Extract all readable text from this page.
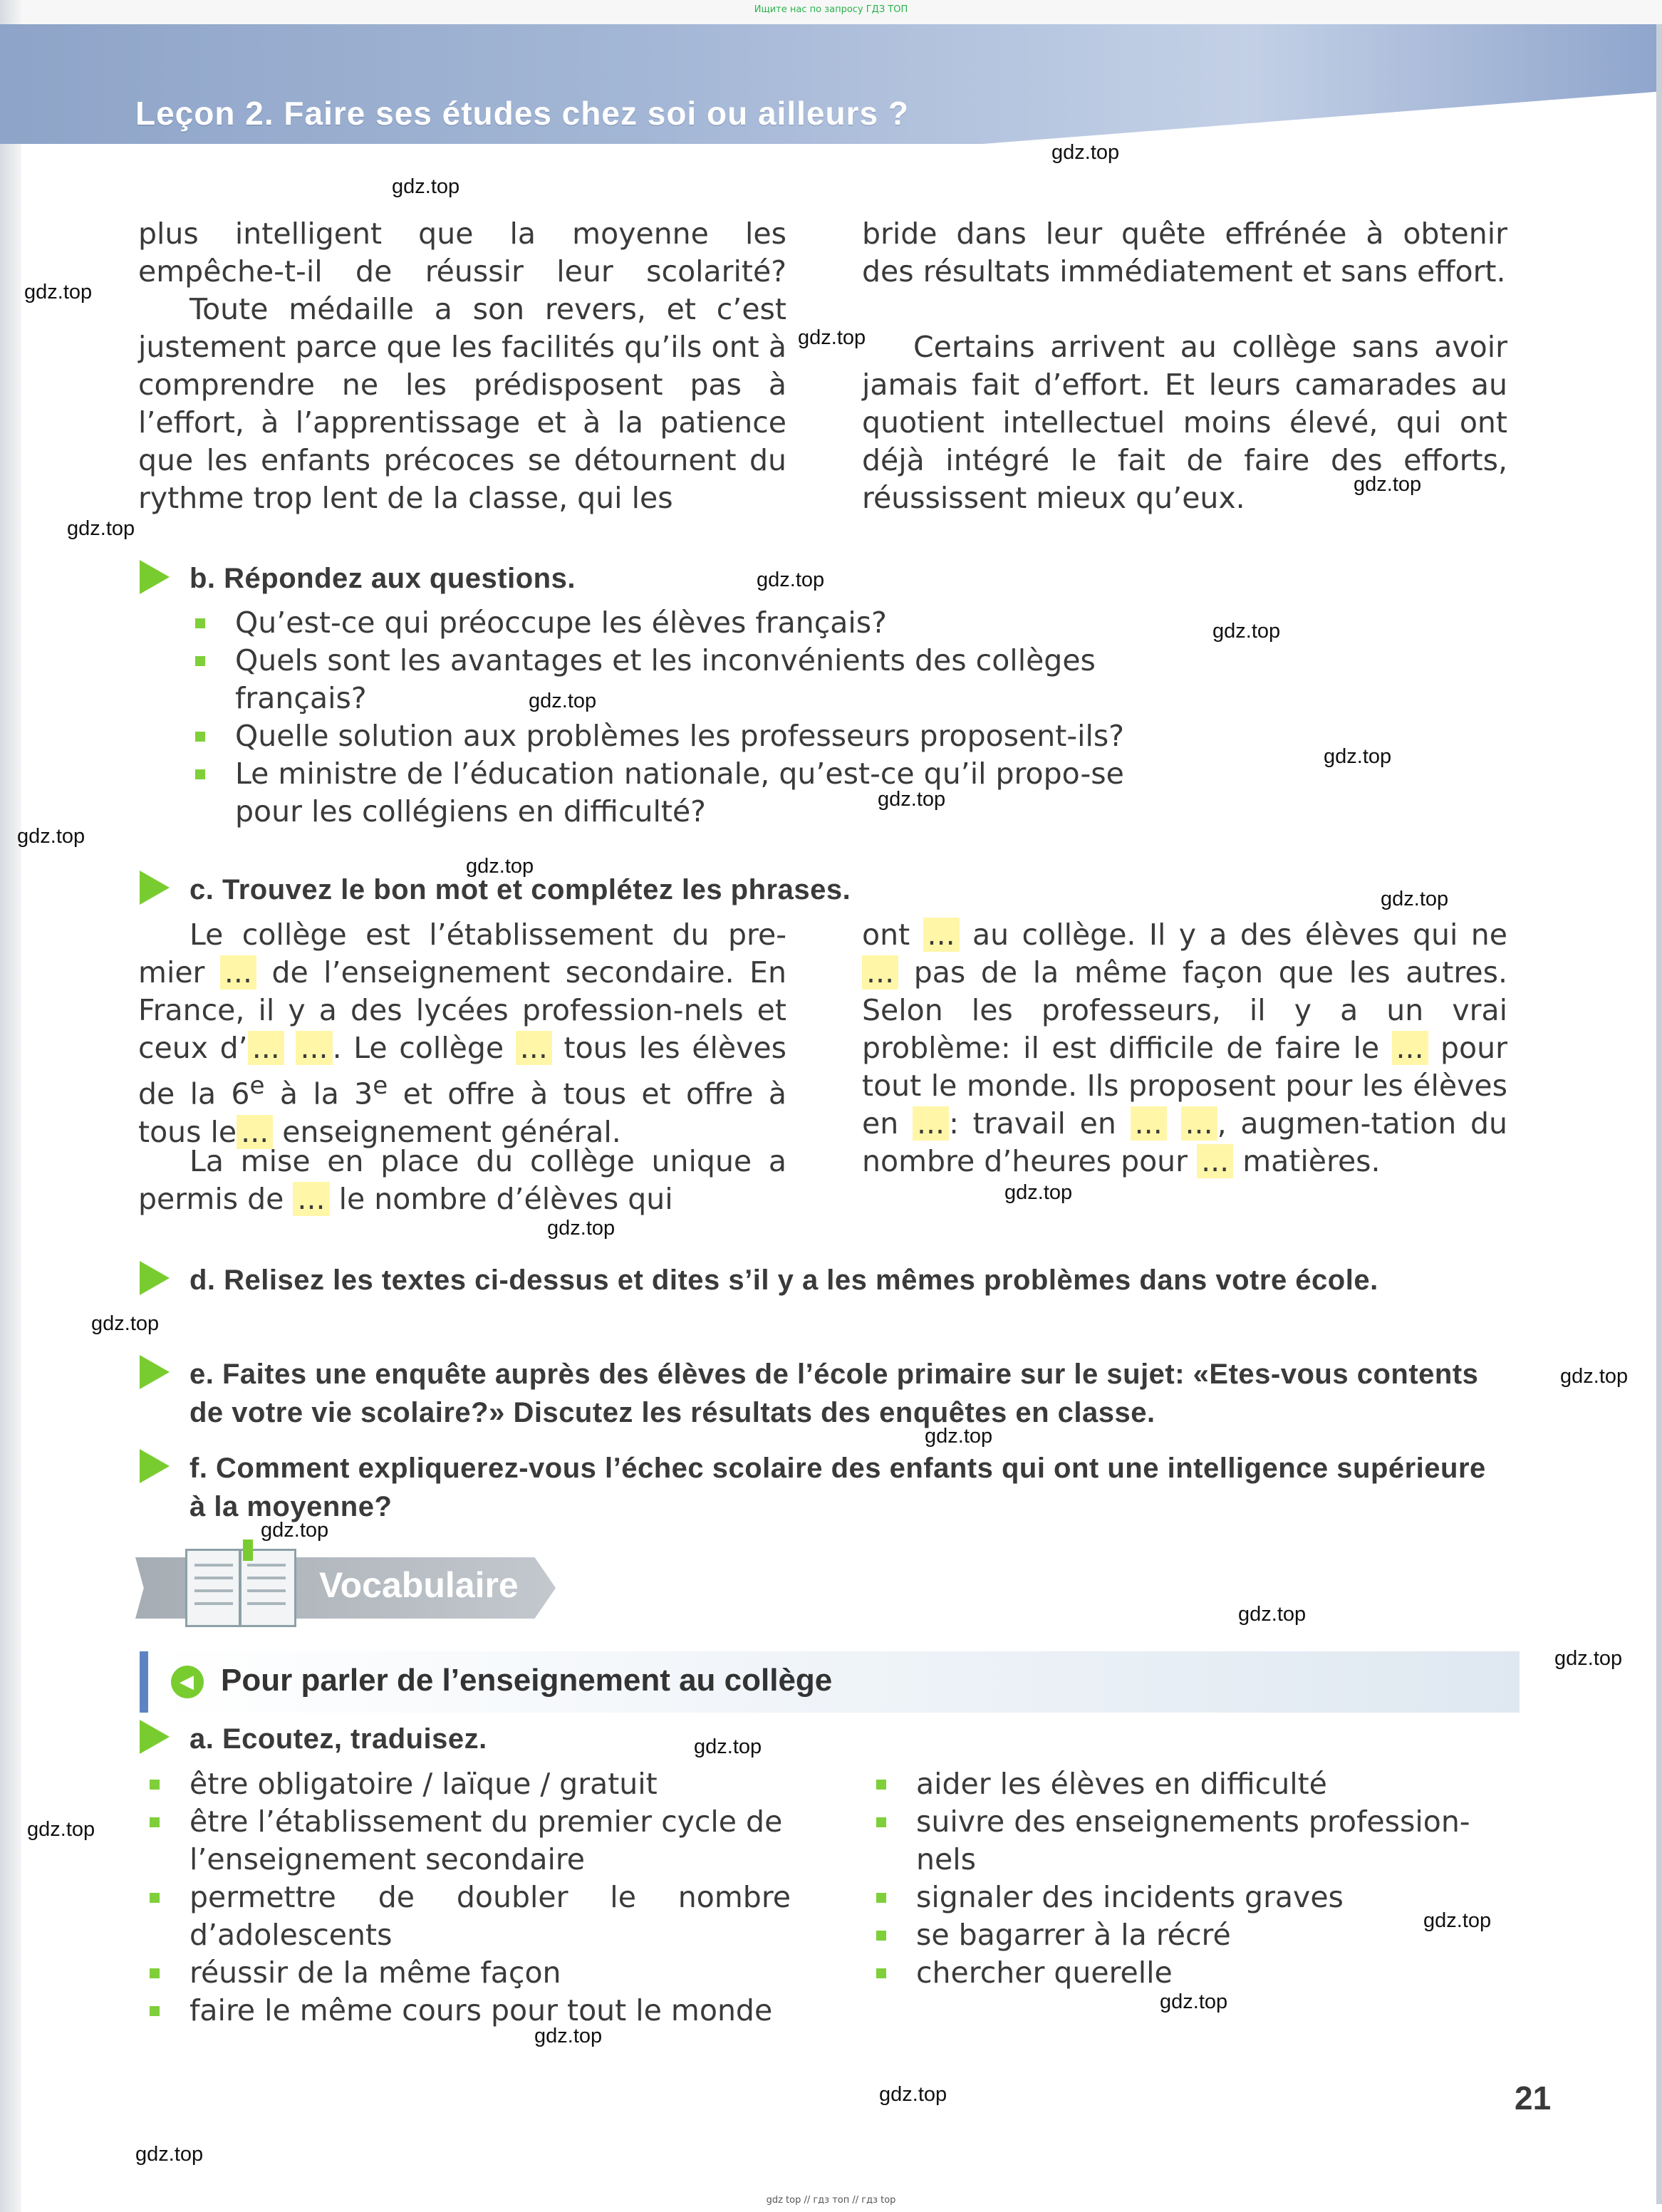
Ищите нас по запросу ГДЗ ТОП
Leçon 2. Faire ses études chez soi ou ailleurs ?
plus intelligent que la moyenne les empêche-t-il de réussir leur scolarité?
Toute médaille a son revers, et c’est justement parce que les facilités qu’ils ont à comprendre ne les prédisposent pas à l’effort, à l’apprentissage et à la patience que les enfants précoces se détournent du rythme trop lent de la classe, qui les
bride dans leur quête effrénée à obtenir des résultats immédiatement et sans effort.
Certains arrivent au collège sans avoir jamais fait d’effort. Et leurs camarades au quotient intellectuel moins élevé, qui ont déjà intégré le fait de faire des efforts, réussissent mieux qu’eux.
b. Répondez aux questions.
Qu’est-ce qui préoccupe les élèves français?
Quels sont les avantages et les inconvénients des collèges français?
Quelle solution aux problèmes les professeurs proposent-ils?
Le ministre de l’éducation nationale, qu’est-ce qu’il propo-se pour les collégiens en difficulté?
c. Trouvez le bon mot et complétez les phrases.
Le collège est l’établissement du pre-mier ... de l’enseignement secondaire. En France, il y a des lycées profession-nels et ceux d’ ... ... . Le collège ... tous les élèves de la 6e à la 3e et offre à tous et offre à tous le ... enseignement général.
La mise en place du collège unique a permis de ... le nombre d’élèves qui
ont ... au collège. Il y a des élèves qui ne ... pas de la même façon que les autres. Selon les professeurs, il y a un vrai problème: il est difficile de faire le ... pour tout le monde. Ils proposent pour les élèves en ... : travail en ... ... , augmen-tation du nombre d’heures pour ... matières.
d. Relisez les textes ci-dessus et dites s’il y a les mêmes problèmes dans votre école.
e. Faites une enquête auprès des élèves de l’école primaire sur le sujet: «Etes-vous contents de votre vie scolaire?» Discutez les résultats des enquêtes en classe.
f. Comment expliquerez-vous l’échec scolaire des enfants qui ont une intelligence supérieure à la moyenne?
Vocabulaire
◀ Pour parler de l’enseignement au collège
a. Ecoutez, traduisez.
être obligatoire / laïque / gratuit
être l’établissement du premier cycle de l’enseignement secondaire
permettre de doubler le nombre d’adolescents
réussir de la même façon
faire le même cours pour tout le monde
aider les élèves en difficulté
suivre des enseignements profession-nels
signaler des incidents graves
se bagarrer à la récré
chercher querelle
21
gdz top // гдз топ // гдз top
gdz.top
gdz.top
gdz.top
gdz.top
gdz.top
gdz.top
gdz.top
gdz.top
gdz.top
gdz.top
gdz.top
gdz.top
gdz.top
gdz.top
gdz.top
gdz.top
gdz.top
gdz.top
gdz.top
gdz.top
gdz.top
gdz.top
gdz.top
gdz.top
gdz.top
gdz.top
gdz.top
gdz.top
gdz.top
